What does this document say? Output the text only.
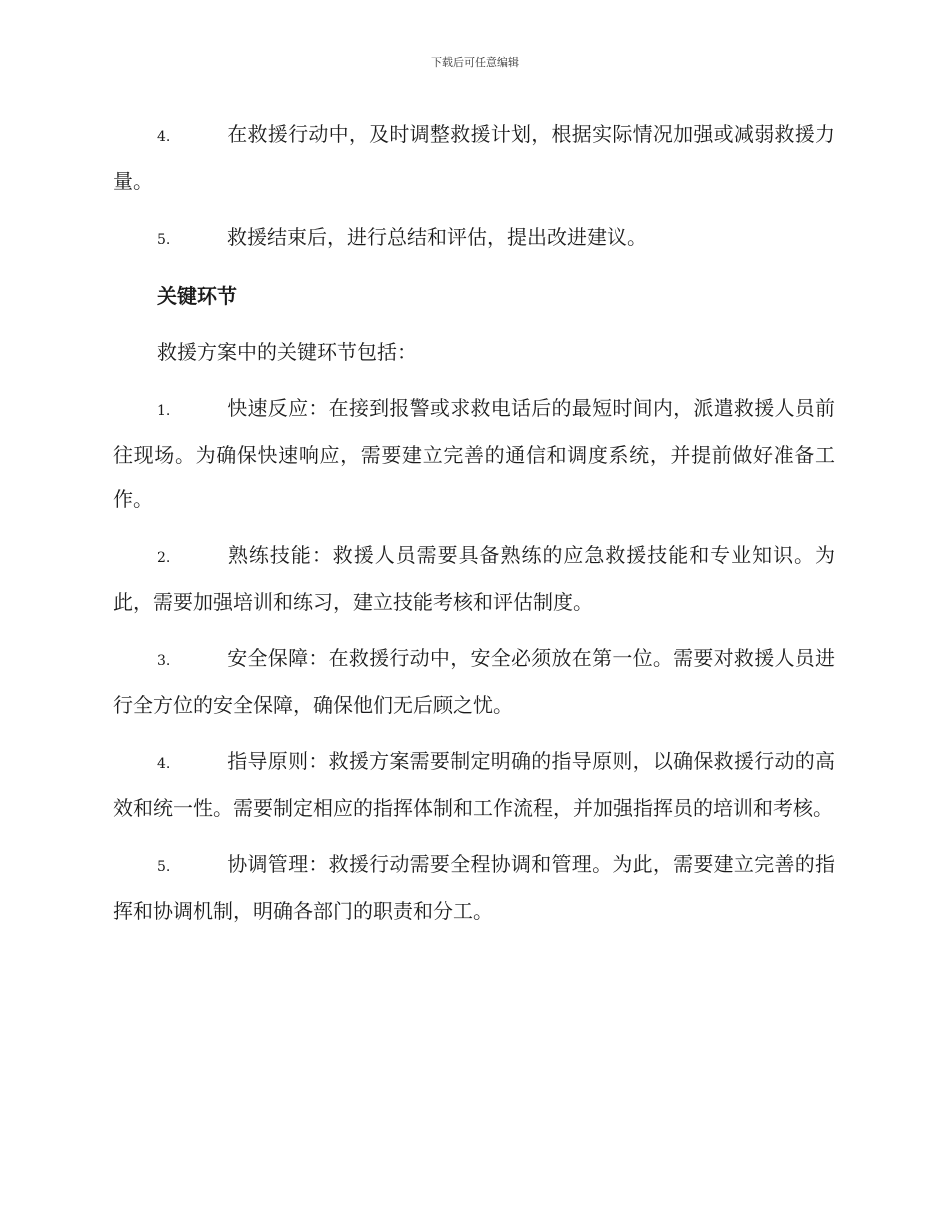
下载后可任意编辑

4.	在救援行动中，及时调整救援计划，根据实际情况加强或减弱救援力量。

5.	救援结束后，进行总结和评估，提出改进建议。

关键环节

救援方案中的关键环节包括：

1.	快速反应：在接到报警或求救电话后的最短时间内，派遣救援人员前往现场。为确保快速响应，需要建立完善的通信和调度系统，并提前做好准备工作。

2.	熟练技能：救援人员需要具备熟练的应急救援技能和专业知识。为此，需要加强培训和练习，建立技能考核和评估制度。

3.	安全保障：在救援行动中，安全必须放在第一位。需要对救援人员进行全方位的安全保障，确保他们无后顾之忧。

4.	指导原则：救援方案需要制定明确的指导原则，以确保救援行动的高效和统一性。需要制定相应的指挥体制和工作流程，并加强指挥员的培训和考核。

5.	协调管理：救援行动需要全程协调和管理。为此，需要建立完善的指挥和协调机制，明确各部门的职责和分工。
